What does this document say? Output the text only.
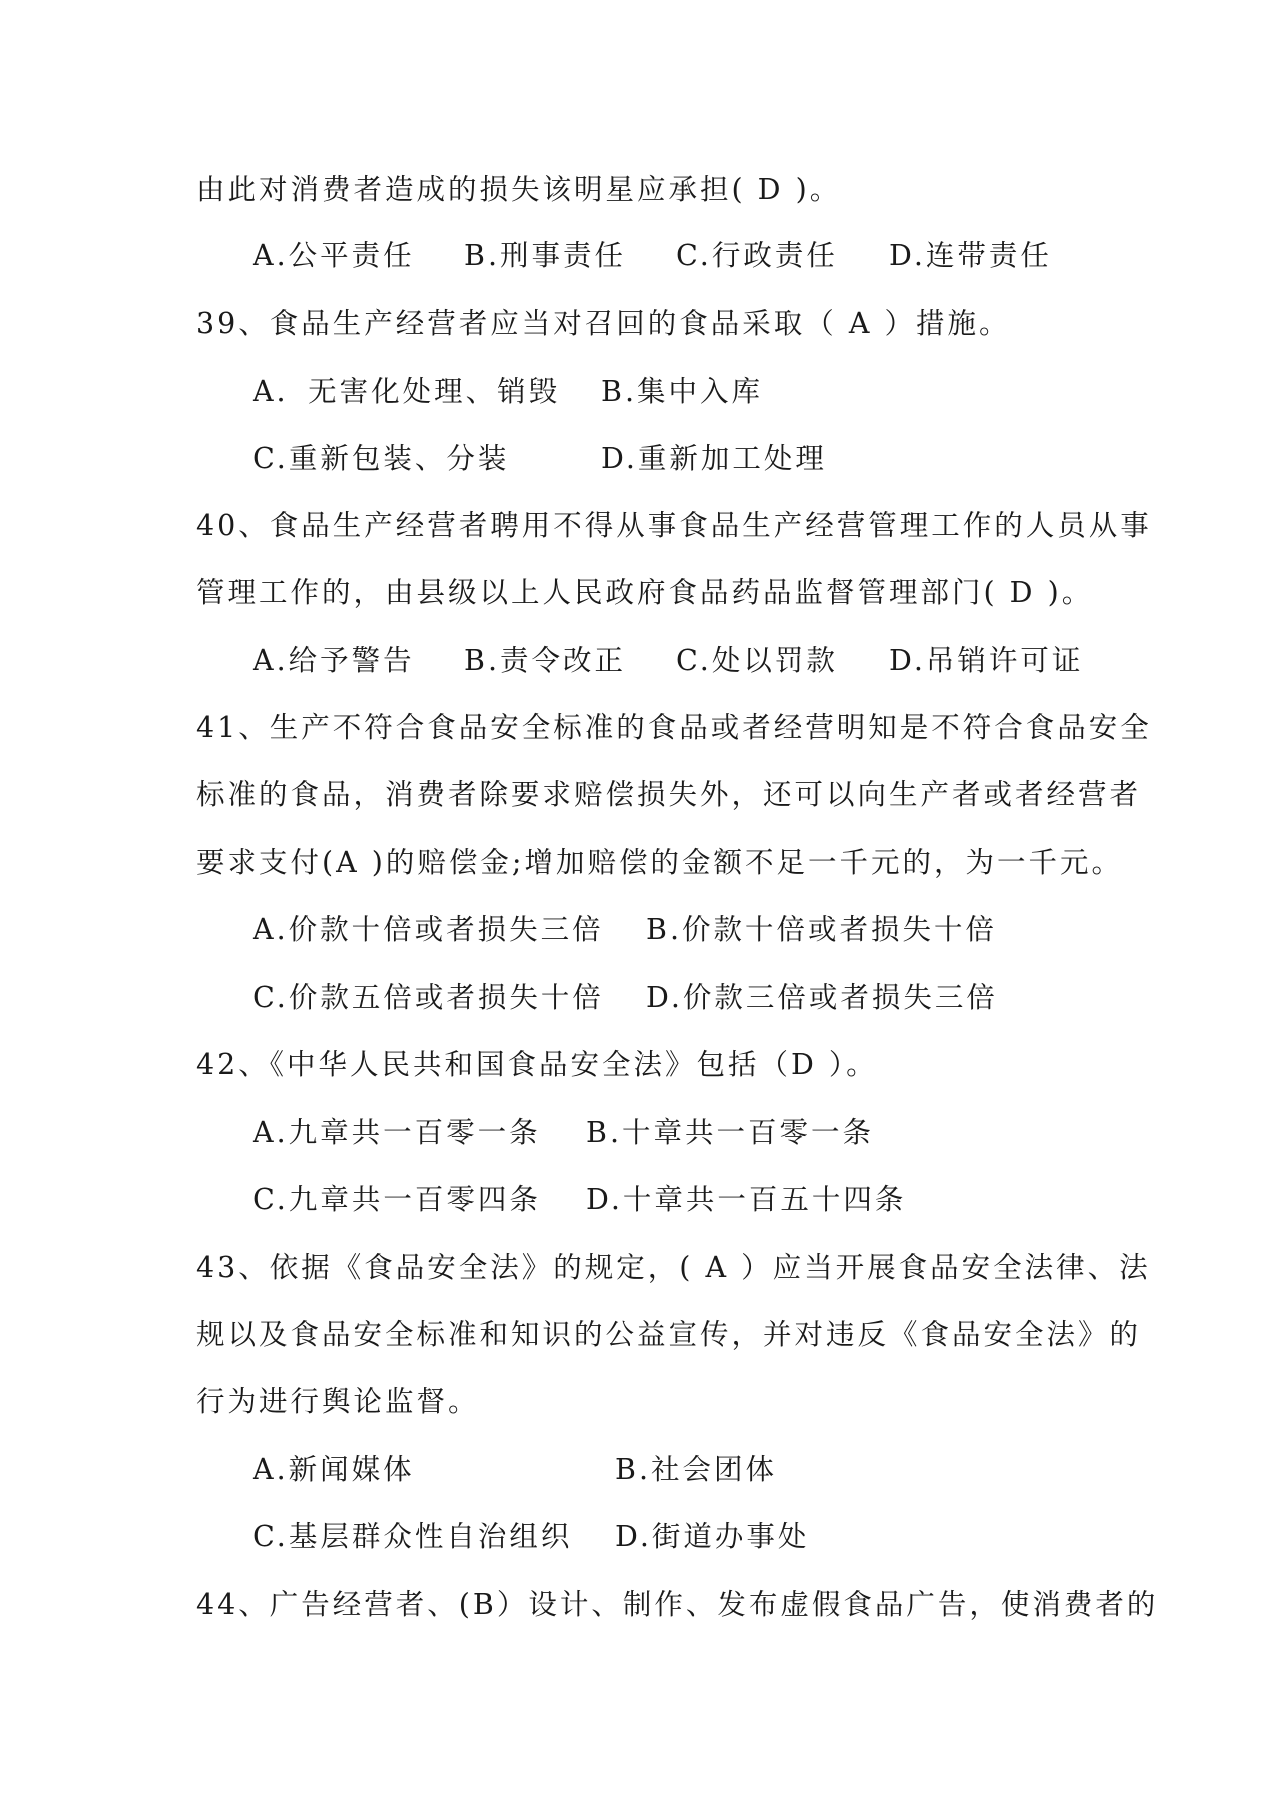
由此对消费者造成的损失该明星应承担( D )。

A.公平责任

B.刑事责任

C.行政责任

D.连带责任

39、食品生产经营者应当对召回的食品采取（ A ）措施。

A．无害化处理、销毁

B.集中入库

C.重新包装、分装

	D.重新加工处理

40、食品生产经营者聘用不得从事食品生产经营管理工作的人员从事
管理工作的，由县级以上人民政府食品药品监督管理部门( D )。

A.给予警告

B.责令改正

C.处以罚款

D.吊销许可证

41、生产不符合食品安全标准的食品或者经营明知是不符合食品安全
标准的食品，消费者除要求赔偿损失外，还可以向生产者或者经营者
要求支付(A )的赔偿金;增加赔偿的金额不足一千元的，为一千元。

A.价款十倍或者损失三倍

B.价款十倍或者损失十倍

C.价款五倍或者损失十倍

D.价款三倍或者损失三倍

42、《中华人民共和国食品安全法》包括（D ）。

A.九章共一百零一条

B.十章共一百零一条

C.九章共一百零四条

D.十章共一百五十四条

43、依据《食品安全法》的规定，( A ）应当开展食品安全法律、法
规以及食品安全标准和知识的公益宣传，并对违反《食品安全法》的
行为进行舆论监督。

A.新闻媒体

	B.社会团体

C.基层群众性自治组织

D.街道办事处

44、广告经营者、(B）设计、制作、发布虚假食品广告，使消费者的
